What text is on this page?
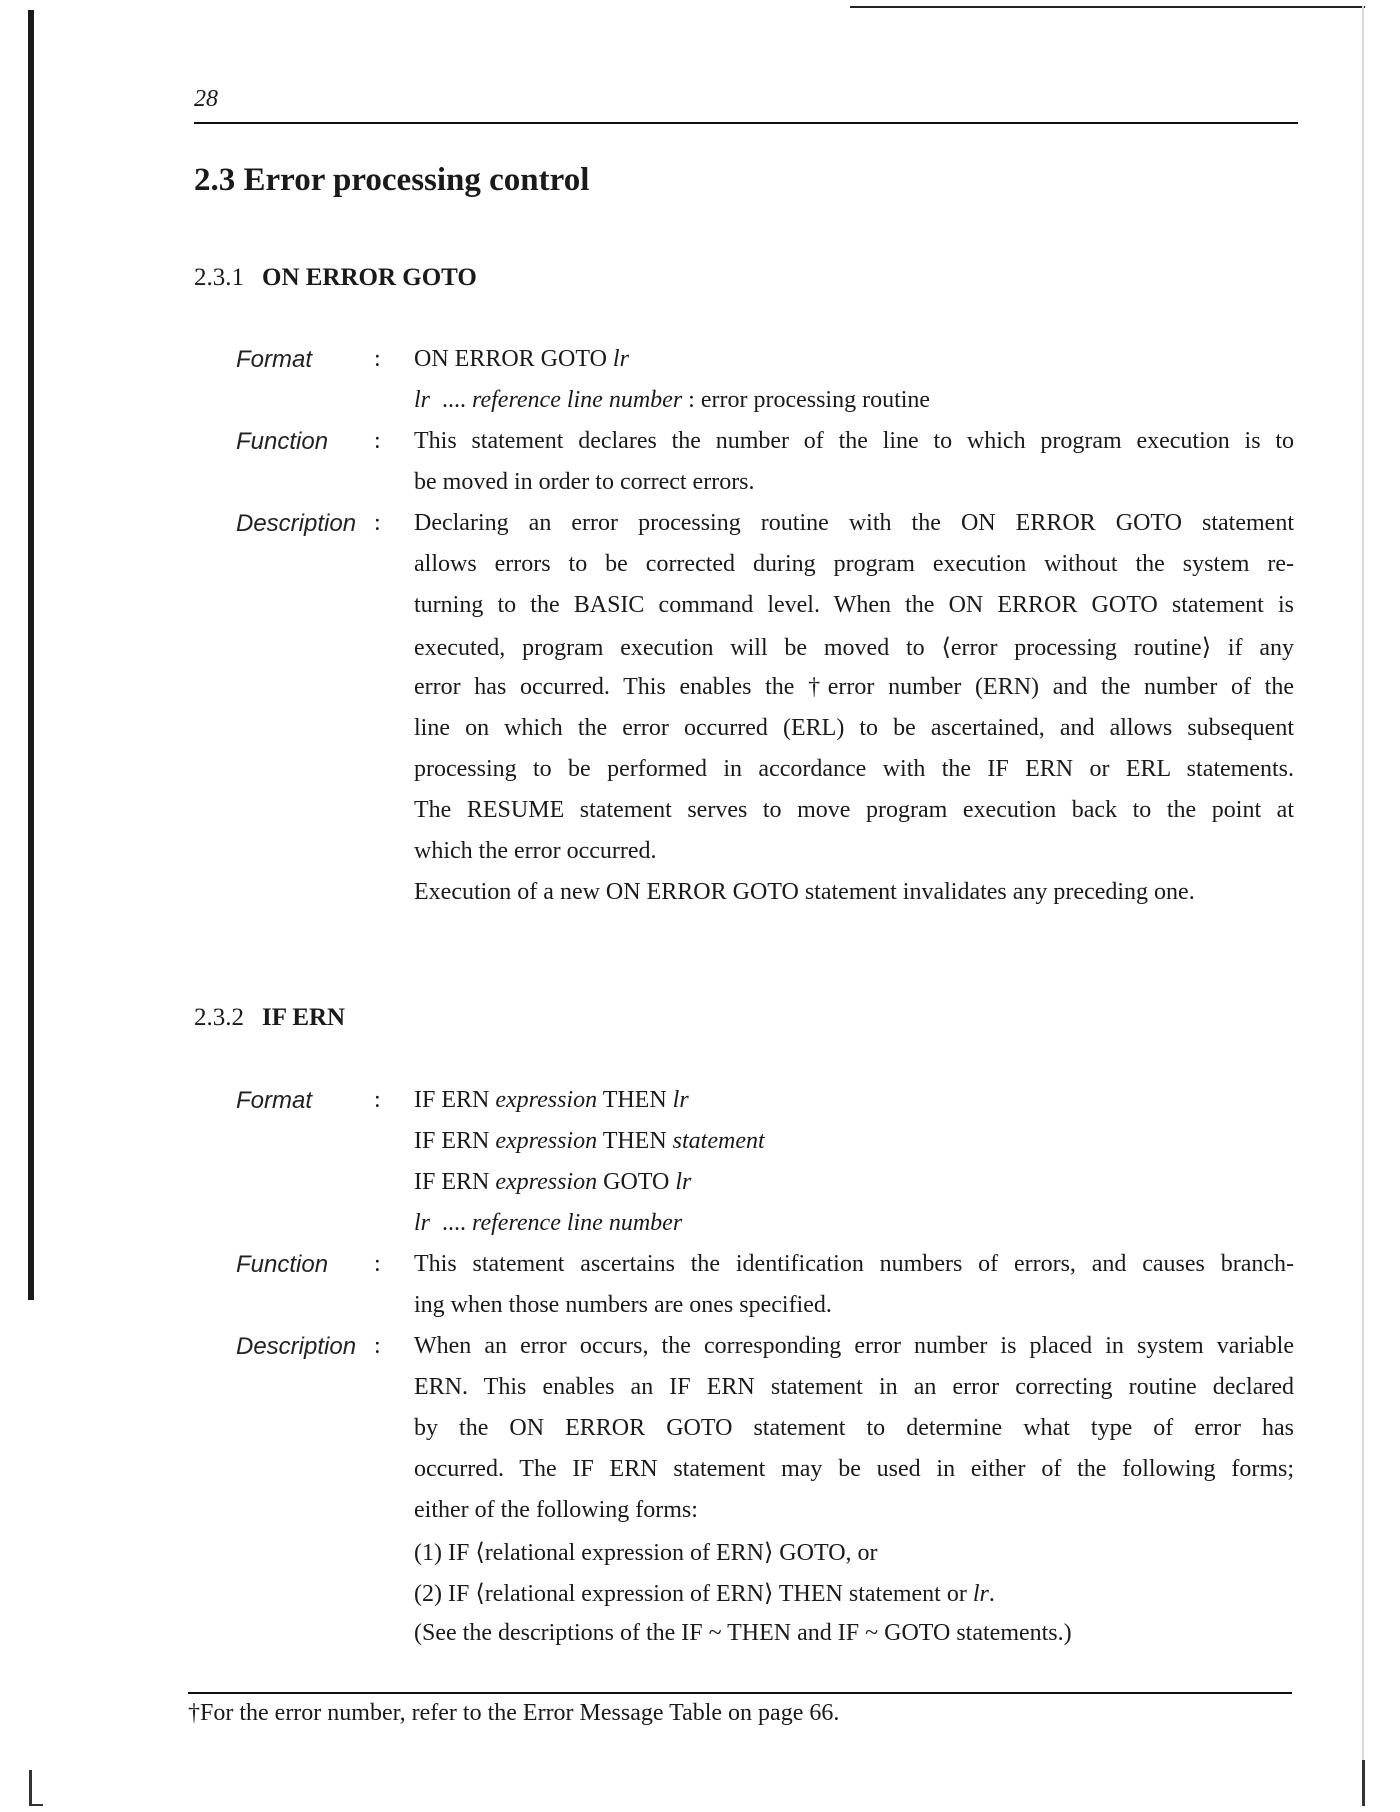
28
2.3 Error processing control
2.3.1 ON ERROR GOTO
Format	: ON ERROR GOTO lr
lr .... reference line number : error processing routine
Function : This statement declares the number of the line to which program execution is to
be moved in order to correct errors.
Description : Declaring an error processing routine with the ON ERROR GOTO statement
allows errors to be corrected during program execution without the system re-
turning to the BASIC command level. When the ON ERROR GOTO statement is
executed, program execution will be moved to ⟨error processing routine⟩ if any
error has occurred. This enables the †error number (ERN) and the number of the
line on which the error occurred (ERL) to be ascertained, and allows subsequent
processing to be performed in accordance with the IF ERN or ERL statements.
The RESUME statement serves to move program execution back to the point at
which the error occurred.
Execution of a new ON ERROR GOTO statement invalidates any preceding one.
2.3.2 IF ERN
Format	: IF ERN expression THEN lr
IF ERN expression THEN statement
IF ERN expression GOTO lr
lr .... reference line number
Function : This statement ascertains the identification numbers of errors, and causes branch-
ing when those numbers are ones specified.
Description : When an error occurs, the corresponding error number is placed in system variable
ERN. This enables an IF ERN statement in an error correcting routine declared
by the ON ERROR GOTO statement to determine what type of error has
occurred. The IF ERN statement may be used in either of the following forms;
either of the following forms:
(1) IF ⟨relational expression of ERN⟩ GOTO, or
(2) IF ⟨relational expression of ERN⟩ THEN statement or lr.
(See the descriptions of the IF ~ THEN and IF ~ GOTO statements.)
†For the error number, refer to the Error Message Table on page 66.
